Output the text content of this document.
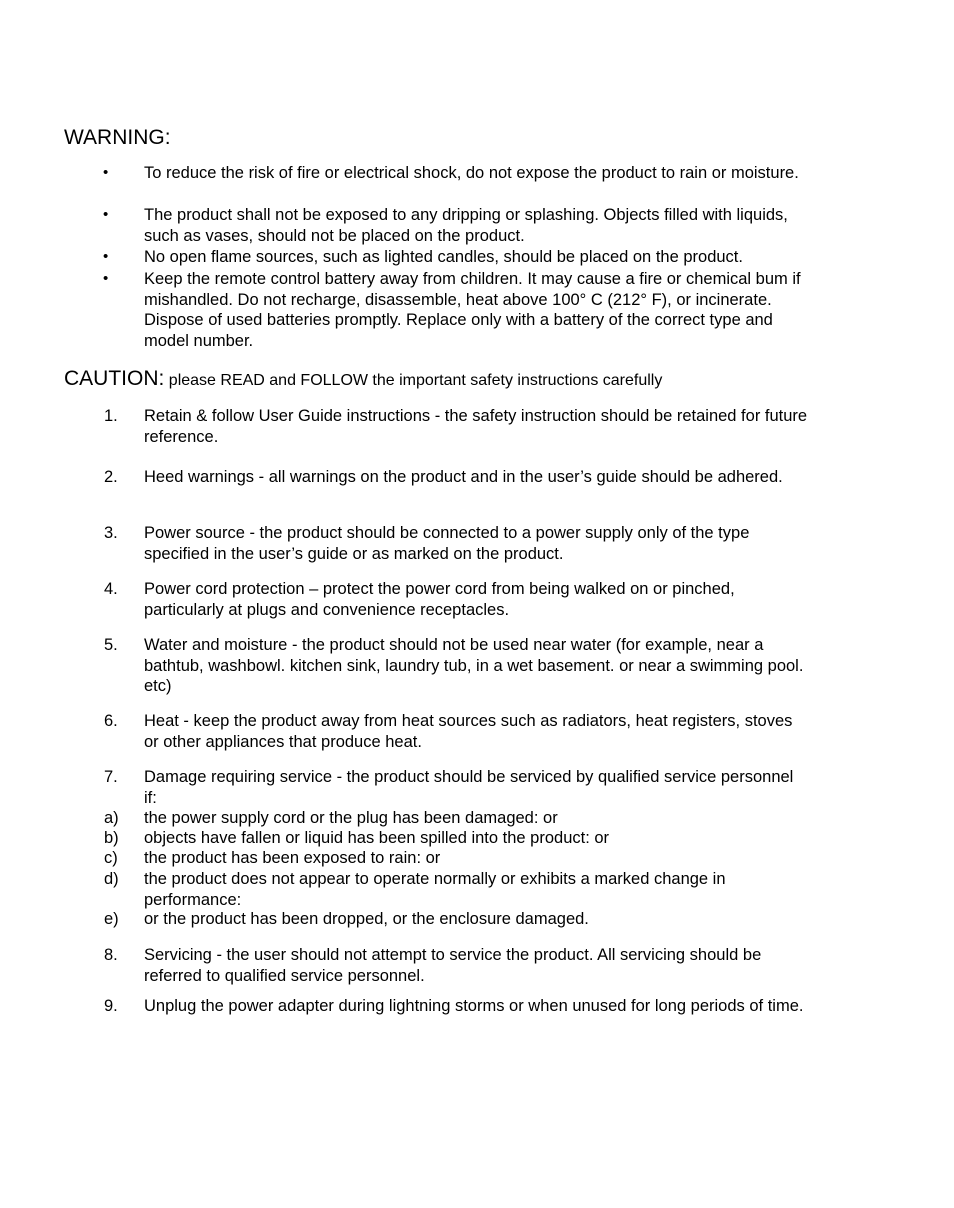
WARNING:
• To reduce the risk of fire or electrical shock, do not expose the product to rain or moisture.
• The product shall not be exposed to any dripping or splashing. Objects filled with liquids, such as vases, should not be placed on the product.
• No open flame sources, such as lighted candles, should be placed on the product.
• Keep the remote control battery away from children. It may cause a fire or chemical bum if mishandled. Do not recharge, disassemble, heat above 100° C (212° F), or incinerate. Dispose of used batteries promptly. Replace only with a battery of the correct type and model number.
CAUTION: please READ and FOLLOW the important safety instructions carefully
1. Retain & follow User Guide instructions - the safety instruction should be retained for future reference.
2. Heed warnings - all warnings on the product and in the user’s guide should be adhered.
3. Power source - the product should be connected to a power supply only of the type specified in the user’s guide or as marked on the product.
4. Power cord protection – protect the power cord from being walked on or pinched, particularly at plugs and convenience receptacles.
5. Water and moisture - the product should not be used near water (for example, near a bathtub, washbowl. kitchen sink, laundry tub, in a wet basement. or near a swimming pool. etc)
6. Heat - keep the product away from heat sources such as radiators, heat registers, stoves or other appliances that produce heat.
7. Damage requiring service - the product should be serviced by qualified service personnel if:
a) the power supply cord or the plug has been damaged: or
b) objects have fallen or liquid has been spilled into the product: or
c) the product has been exposed to rain: or
d) the product does not appear to operate normally or exhibits a marked change in performance:
e) or the product has been dropped, or the enclosure damaged.
8. Servicing - the user should not attempt to service the product. All servicing should be referred to qualified service personnel.
9. Unplug the power adapter during lightning storms or when unused for long periods of time.
